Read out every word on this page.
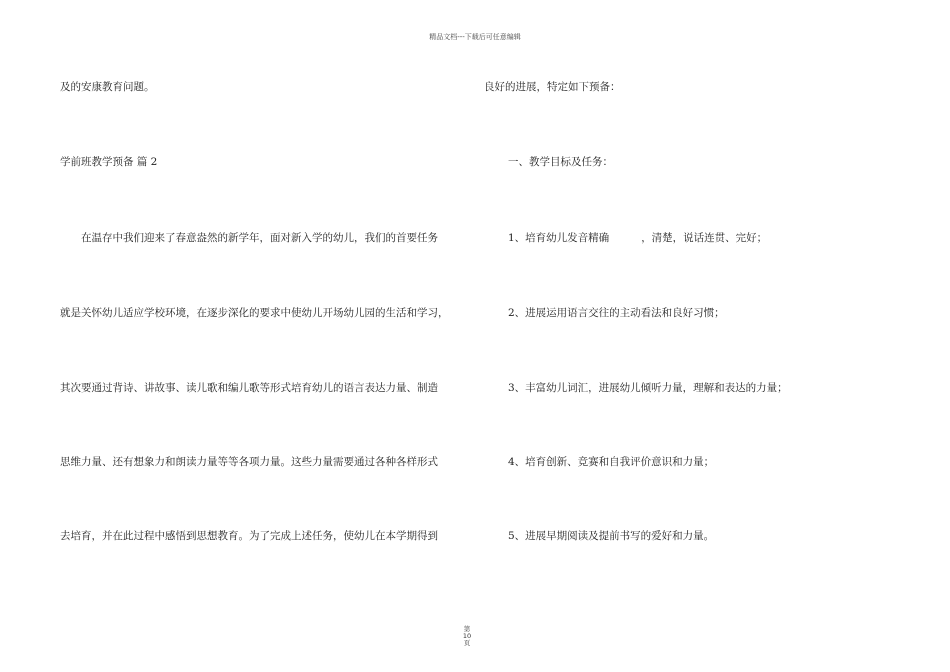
精品文档---下载后可任意编辑
及的安康教育问题。
学前班教学预备 篇 2
在温存中我们迎来了春意盎然的新学年，面对新入学的幼儿，我们的首要任务
就是关怀幼儿适应学校环境，在逐步深化的要求中使幼儿开场幼儿园的生活和学习，
其次要通过背诗、讲故事、读儿歌和编儿歌等形式培育幼儿的语言表达力量、制造
思维力量、还有想象力和朗读力量等等各项力量。这些力量需要通过各种各样形式
去培育，并在此过程中感悟到思想教育。为了完成上述任务，使幼儿在本学期得到
良好的进展，特定如下预备：
一、教学目标及任务：
1、培育幼儿发音精确	，清楚，说话连贯、完好；
2、进展运用语言交往的主动看法和良好习惯；
3、丰富幼儿词汇，进展幼儿倾听力量，理解和表达的力量；
4、培育创新、竞赛和自我评价意识和力量；
5、进展早期阅读及提前书写的爱好和力量。
第
10
页
